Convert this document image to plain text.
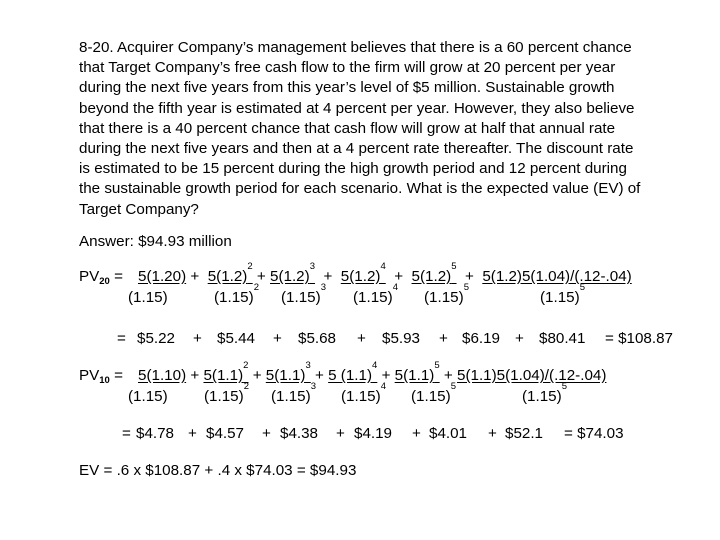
8-20. Acquirer Company’s management believes that there is a 60 percent chance
that Target Company’s free cash flow to the firm will grow at 20 percent per year
during the next five years from this year’s level of $5 million. Sustainable growth
beyond the fifth year is estimated at 4 percent per year. However, they also believe
that there is a 40 percent chance that cash flow will grow at half that annual rate
during the next five years and then at a 4 percent rate thereafter. The discount rate
is estimated to be 15 percent during the high growth period and 12 percent during
the sustainable growth period for each scenario. What is the expected value (EV) of
Target Company?
Answer: $94.93 million
$PV_{20} = 5(1.20) + 5(1.2)^2 + 5(1.2)^3 + 5(1.2)^4 + 5(1.2)^5 + 5(1.2)5(1.04)/(.12-.04)$
(1.15)	$(1.15)^2$
$(1.15)^3$
$(1.15)^4$
$(1.15)^5$
$(1.15)^5$
= $5.22 + $5.44 + $5.68 + $5.93 + $6.19 + $80.41 = $108.87
$PV_{10} = 5(1.10) + 5(1.1)^2 + 5(1.1)^3 + 5$ $(1.1)^4 + 5(1.1)^5 + 5(1.1)5(1.04)/(.12-.04)$
(1.15) $(1.15)^2$
$(1.15)^3$
$(1.15)^4$
$(1.15)^5$
$(1.15)^5$
= $4.78 + $4.57 + $4.38 + $4.19 + $4.01 + $52.1 = $74.03
EV = .6 x $108.87 + .4 x $74.03 = $94.93
